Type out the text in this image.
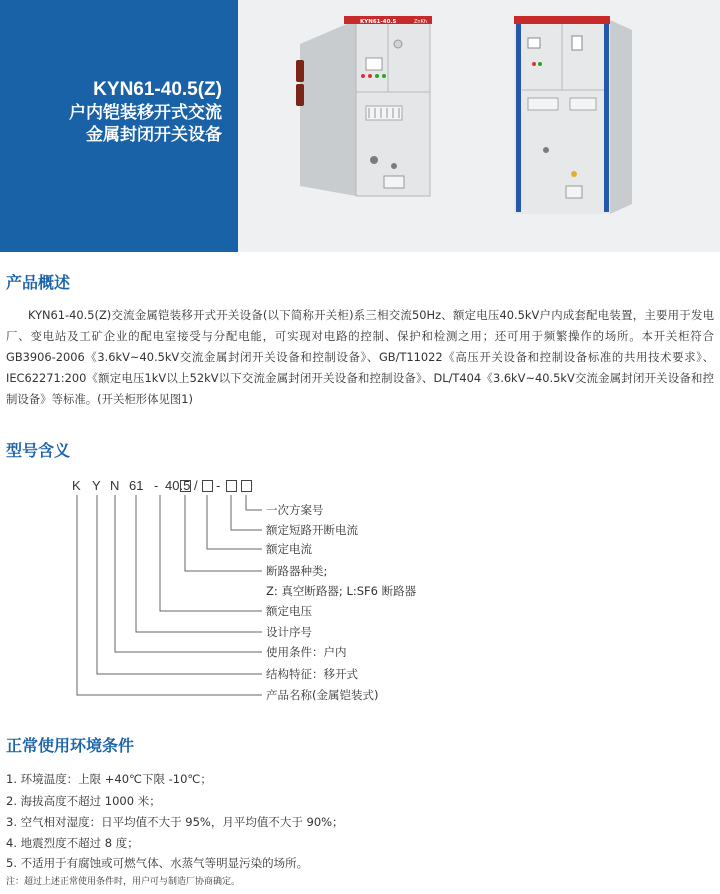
KYN61-40.5(Z)
户内铠装移开式交流
金属封闭开关设备
KYN61-40.5	ZnKh
产品概述
KYN61-40.5(Z)交流金属铠装移开式开关设备(以下简称开关柜)系三相交流50Hz、额定电压40.5kV户内成套配电装置，主要用于发电厂、变电站及工矿企业的配电室接受与分配电能，可实现对电路的控制、保护和检测之用；还可用于频繁操作的场所。本开关柜符合GB3906-2006《3.6kV~40.5kV交流金属封闭开关设备和控制设备》、GB/T11022《高压开关设备和控制设备标准的共用技术要求》、IEC62271:200《额定电压1kV以上52kV以下交流金属封闭开关设备和控制设备》、DL/T404《3.6kV~40.5kV交流金属封闭开关设备和控制设备》等标准。(开关柜形体见图1)
型号含义
K Y N 61 - 40.5 / -
一次方案号
额定短路开断电流
额定电流
断路器种类;
Z: 真空断路器; L:SF6 断路器
额定电压
设计序号
使用条件：户内
结构特征：移开式
产品名称(金属铠装式)
正常使用环境条件
1. 环境温度：上限 +40℃下限 -10℃；
2. 海拔高度不超过 1000 米；
3. 空气相对湿度：日平均值不大于 95%，月平均值不大于 90%；
4. 地震烈度不超过 8 度；
5. 不适用于有腐蚀或可燃气体、水蒸气等明显污染的场所。
注：超过上述正常使用条件时，用户可与制造厂协商确定。
